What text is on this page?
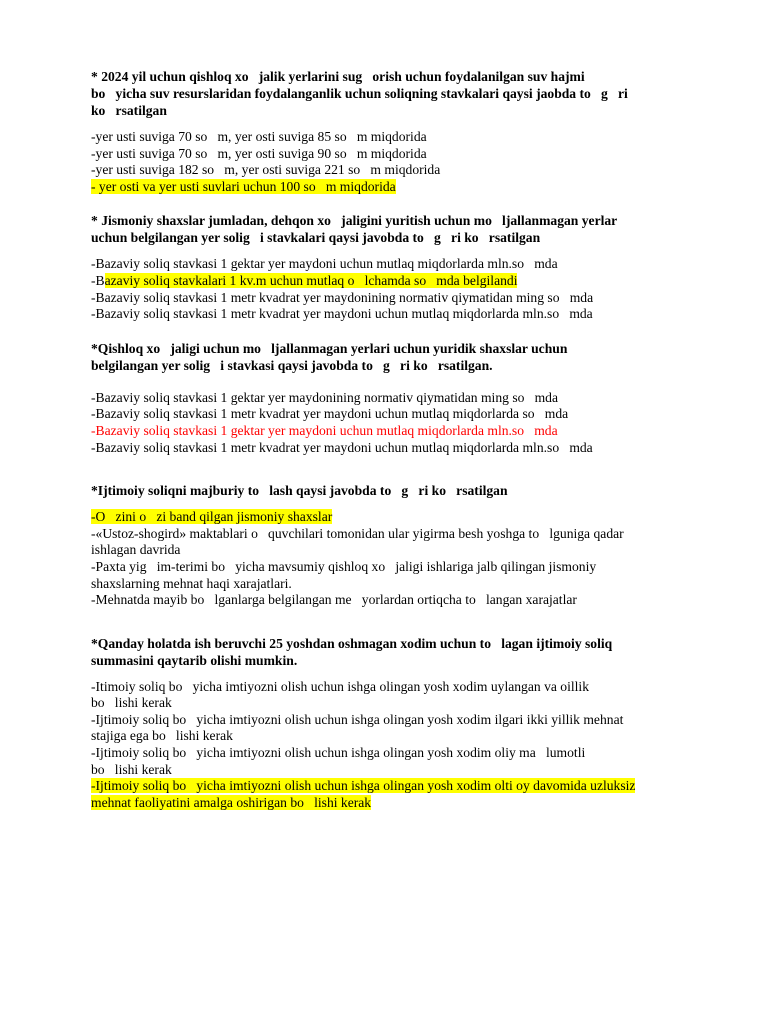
* 2024 yil uchun qishloq xo   jalik yerlarini sug   orish uchun foydalanilgan suv hajmi
bo   yicha suv resurslaridan foydalanganlik uchun soliqning stavkalari qaysi jaobda to   g   ri
ko   rsatilgan

-yer usti suviga 70 so   m, yer osti suviga 85 so   m miqdorida
-yer usti suviga 70 so   m, yer osti suviga 90 so   m miqdorida
-yer usti suviga 182 so   m, yer osti suviga 221 so   m miqdorida
- yer osti va yer usti suvlari uchun 100 so   m miqdorida

* Jismoniy shaxslar jumladan, dehqon xo   jaligini yuritish uchun mo   ljallanmagan yerlar
uchun belgilangan yer solig   i stavkalari qaysi javobda to   g   ri ko   rsatilgan

-Bazaviy soliq stavkasi 1 gektar yer maydoni uchun mutlaq miqdorlarda mln.so   mda
-Bazaviy soliq stavkalari 1 kv.m uchun mutlaq o   lchamda so   mda belgilandi
-Bazaviy soliq stavkasi 1 metr kvadrat yer maydonining normativ qiymatidan ming so   mda
-Bazaviy soliq stavkasi 1 metr kvadrat yer maydoni uchun mutlaq miqdorlarda mln.so   mda

*Qishloq xo   jaligi uchun mo   ljallanmagan yerlari uchun yuridik shaxslar uchun
belgilangan yer solig   i stavkasi qaysi javobda to   g   ri ko   rsatilgan.

-Bazaviy soliq stavkasi 1 gektar yer maydonining normativ qiymatidan ming so   mda
-Bazaviy soliq stavkasi 1 metr kvadrat yer maydoni uchun mutlaq miqdorlarda so   mda
-Bazaviy soliq stavkasi 1 gektar yer maydoni uchun mutlaq miqdorlarda mln.so   mda
-Bazaviy soliq stavkasi 1 metr kvadrat yer maydoni uchun mutlaq miqdorlarda mln.so   mda

*Ijtimoiy soliqni majburiy to   lash qaysi javobda to   g   ri ko   rsatilgan

-O   zini o   zi band qilgan jismoniy shaxslar
-«Ustoz-shogird» maktablari o   quvchilari tomonidan ular yigirma besh yoshga to   lguniga qadar
ishlagan davrida
-Paxta yig   im-terimi bo   yicha mavsumiy qishloq xo   jaligi ishlariga jalb qilingan jismoniy
shaxslarning mehnat haqi xarajatlari.
-Mehnatda mayib bo   lganlarga belgilangan me   yorlardan ortiqcha to   langan xarajatlar

*Qanday holatda ish beruvchi 25 yoshdan oshmagan xodim uchun to   lagan ijtimoiy soliq
summasini qaytarib olishi mumkin.

-Itimoiy soliq bo   yicha imtiyozni olish uchun ishga olingan yosh xodim uylangan va oillik
bo   lishi kerak
-Ijtimoiy soliq bo   yicha imtiyozni olish uchun ishga olingan yosh xodim ilgari ikki yillik mehnat
stajiga ega bo   lishi kerak
-Ijtimoiy soliq bo   yicha imtiyozni olish uchun ishga olingan yosh xodim oliy ma   lumotli
bo   lishi kerak
-Ijtimoiy soliq bo   yicha imtiyozni olish uchun ishga olingan yosh xodim olti oy davomida uzluksiz
mehnat faoliyatini amalga oshirigan bo   lishi kerak
